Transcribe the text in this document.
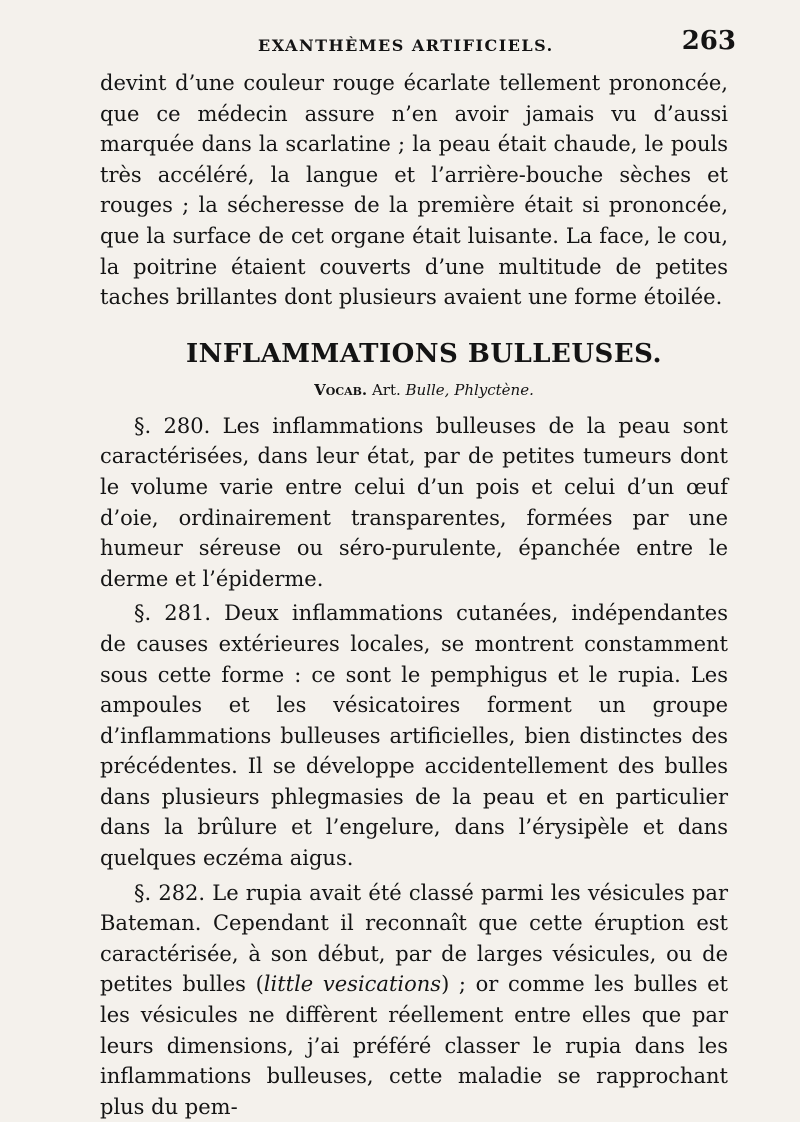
EXANTHÈMES ARTIFICIELS.	263

devint d’une couleur rouge écarlate tellement prononcée, que ce médecin assure n’en avoir jamais vu d’aussi marquée dans la scarlatine ; la peau était chaude, le pouls très accéléré, la langue et l’arrière-bouche sèches et rouges ; la sécheresse de la première était si prononcée, que la surface de cet organe était luisante. La face, le cou, la poitrine étaient couverts d’une multitude de petites taches brillantes dont plusieurs avaient une forme étoilée.

INFLAMMATIONS BULLEUSES.
Vocab. Art. Bulle, Phlyctène.

§. 280. Les inflammations bulleuses de la peau sont caractérisées, dans leur état, par de petites tumeurs dont le volume varie entre celui d’un pois et celui d’un œuf d’oie, ordinairement transparentes, formées par une humeur séreuse ou séro-purulente, épanchée entre le derme et l’épiderme.

§. 281. Deux inflammations cutanées, indépendantes de causes extérieures locales, se montrent constamment sous cette forme : ce sont le pemphigus et le rupia. Les ampoules et les vésicatoires forment un groupe d’inflammations bulleuses artificielles, bien distinctes des précédentes. Il se développe accidentellement des bulles dans plusieurs phlegmasies de la peau et en particulier dans la brûlure et l’engelure, dans l’érysipèle et dans quelques eczéma aigus.

§. 282. Le rupia avait été classé parmi les vésicules par Bateman. Cependant il reconnaît que cette éruption est caractérisée, à son début, par de larges vésicules, ou de petites bulles (little vesications) ; or comme les bulles et les vésicules ne diffèrent réellement entre elles que par leurs dimensions, j’ai préféré classer le rupia dans les inflammations bulleuses, cette maladie se rapprochant plus du pem-
